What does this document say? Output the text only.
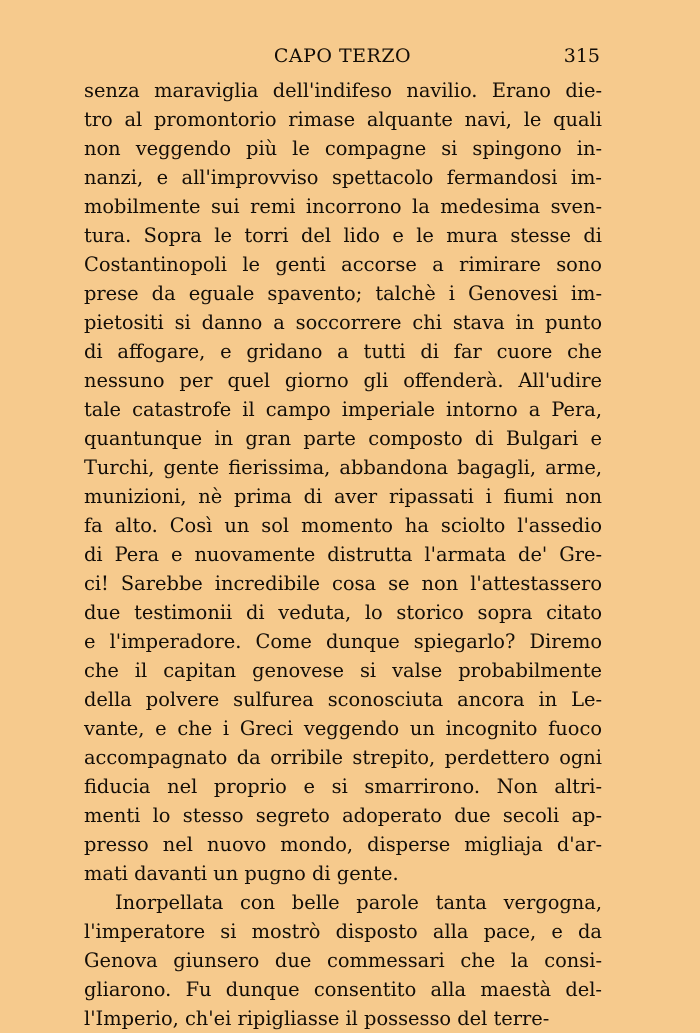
CAPO TERZO	315
senza maraviglia dell'indifeso navilio. Erano die-
tro al promontorio rimase alquante navi, le quali
non veggendo più le compagne si spingono in-
nanzi, e all'improvviso spettacolo fermandosi im-
mobilmente sui remi incorrono la medesima sven-
tura. Sopra le torri del lido e le mura stesse di
Costantinopoli le genti accorse a rimirare sono
prese da eguale spavento; talchè i Genovesi im-
pietositi si danno a soccorrere chi stava in punto
di affogare, e gridano a tutti di far cuore che
nessuno per quel giorno gli offenderà. All'udire
tale catastrofe il campo imperiale intorno a Pera,
quantunque in gran parte composto di Bulgari e
Turchi, gente fierissima, abbandona bagagli, arme,
munizioni, nè prima di aver ripassati i fiumi non
fa alto. Così un sol momento ha sciolto l'assedio
di Pera e nuovamente distrutta l'armata de' Gre-
ci! Sarebbe incredibile cosa se non l'attestassero
due testimonii di veduta, lo storico sopra citato
e l'imperadore. Come dunque spiegarlo? Diremo
che il capitan genovese si valse probabilmente
della polvere sulfurea sconosciuta ancora in Le-
vante, e che i Greci veggendo un incognito fuoco
accompagnato da orribile strepito, perdettero ogni
fiducia nel proprio e si smarrirono. Non altri-
menti lo stesso segreto adoperato due secoli ap-
presso nel nuovo mondo, disperse migliaja d'ar-
mati davanti un pugno di gente.
Inorpellata con belle parole tanta vergogna,
l'imperatore si mostrò disposto alla pace, e da
Genova giunsero due commessari che la consi-
gliarono. Fu dunque consentito alla maestà del-
l'Imperio, ch'ei ripigliasse il possesso del terre-
